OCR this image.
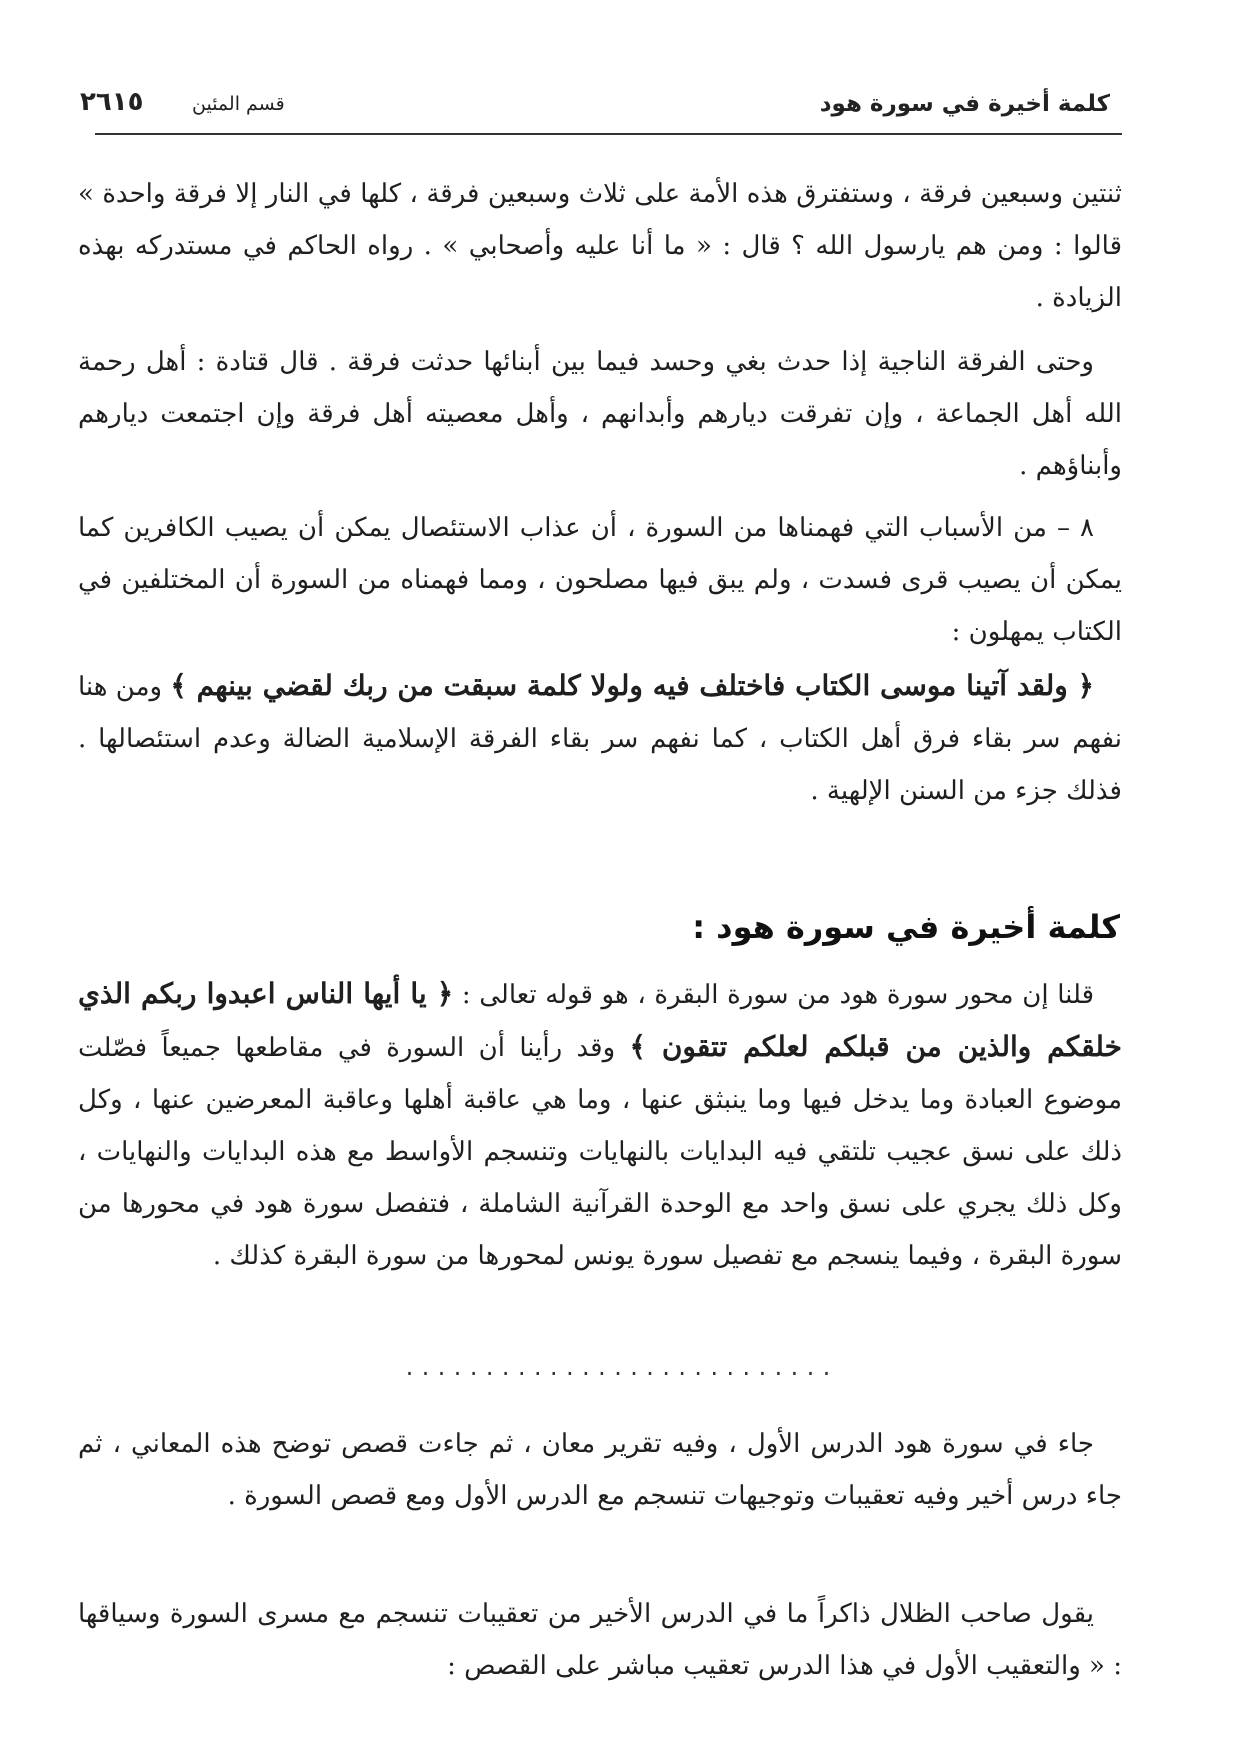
كلمة أخيرة في سورة هود
قسم المئين
٢٦١٥

ثنتين وسبعين فرقة ، وستفترق هذه الأمة على ثلاث وسبعين فرقة ، كلها في النار إلا فرقة واحدة » قالوا : ومن هم يارسول الله ؟ قال : « ما أنا عليه وأصحابي » . رواه الحاكم في مستدركه بهذه الزيادة .

وحتى الفرقة الناجية إذا حدث بغي وحسد فيما بين أبنائها حدثت فرقة . قال قتادة : أهل رحمة الله أهل الجماعة ، وإن تفرقت ديارهم وأبدانهم ، وأهل معصيته أهل فرقة وإن اجتمعت ديارهم وأبناؤهم .

٨ – من الأسباب التي فهمناها من السورة ، أن عذاب الاستئصال يمكن أن يصيب الكافرين كما يمكن أن يصيب قرى فسدت ، ولم يبق فيها مصلحون ، ومما فهمناه من السورة أن المختلفين في الكتاب يمهلون :

﴿ ولقد آتينا موسى الكتاب فاختلف فيه ولولا كلمة سبقت من ربك لقضي بينهم ﴾ ومن هنا نفهم سر بقاء فرق أهل الكتاب ، كما نفهم سر بقاء الفرقة الإسلامية الضالة وعدم استئصالها . فذلك جزء من السنن الإلهية .

كلمة أخيرة في سورة هود :

قلنا إن محور سورة هود من سورة البقرة ، هو قوله تعالى : ﴿ يا أيها الناس اعبدوا ربكم الذي خلقكم والذين من قبلكم لعلكم تتقون ﴾ وقد رأينا أن السورة في مقاطعها جميعاً فصّلت موضوع العبادة وما يدخل فيها وما ينبثق عنها ، وما هي عاقبة أهلها وعاقبة المعرضين عنها ، وكل ذلك على نسق عجيب تلتقي فيه البدايات بالنهايات وتنسجم الأواسط مع هذه البدايات والنهايات ، وكل ذلك يجري على نسق واحد مع الوحدة القرآنية الشاملة ، فتفصل سورة هود في محورها من سورة البقرة ، وفيما ينسجم مع تفصيل سورة يونس لمحورها من سورة البقرة كذلك .

...........................

جاء في سورة هود الدرس الأول ، وفيه تقرير معان ، ثم جاءت قصص توضح هذه المعاني ، ثم جاء درس أخير وفيه تعقيبات وتوجيهات تنسجم مع الدرس الأول ومع قصص السورة .

يقول صاحب الظلال ذاكراً ما في الدرس الأخير من تعقيبات تنسجم مع مسرى السورة وسياقها : « والتعقيب الأول في هذا الدرس تعقيب مباشر على القصص :
